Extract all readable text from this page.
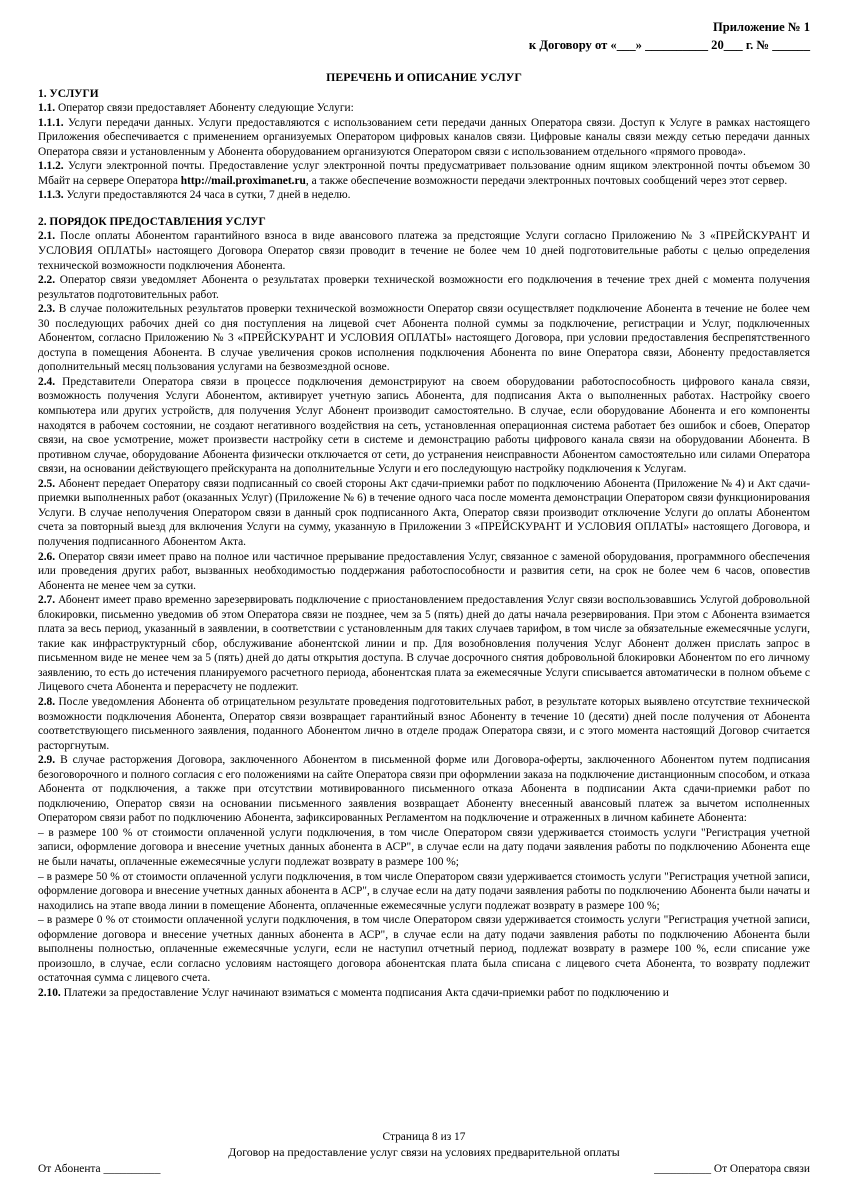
Приложение № 1
к Договору от «___» __________ 20___ г. № ______

ПЕРЕЧЕНЬ И ОПИСАНИЕ УСЛУГ

1. УСЛУГИ

1.1. Оператор связи предоставляет Абоненту следующие Услуги:

1.1.1. Услуги передачи данных. Услуги предоставляются с использованием сети передачи данных Оператора связи. Доступ к Услуге в рамках настоящего Приложения обеспечивается с применением организуемых Оператором цифровых каналов связи. Цифровые каналы связи между сетью передачи данных Оператора связи и установленным у Абонента оборудованием организуются Оператором связи с использованием отдельного «прямого провода».

1.1.2. Услуги электронной почты. Предоставление услуг электронной почты предусматривает пользование одним ящиком электронной почты объемом 30 Мбайт на сервере Оператора http://mail.proximanet.ru, а также обеспечение возможности передачи электронных почтовых сообщений через этот сервер.

1.1.3. Услуги предоставляются 24 часа в сутки, 7 дней в неделю.

2. ПОРЯДОК ПРЕДОСТАВЛЕНИЯ УСЛУГ

2.1. После оплаты Абонентом гарантийного взноса в виде авансового платежа за предстоящие Услуги согласно Приложению № 3 «ПРЕЙСКУРАНТ И УСЛОВИЯ ОПЛАТЫ» настоящего Договора Оператор связи проводит в течение не более чем 10 дней подготовительные работы с целью определения технической возможности подключения Абонента.

2.2. Оператор связи уведомляет Абонента о результатах проверки технической возможности его подключения в течение трех дней с момента получения результатов подготовительных работ.

2.3. В случае положительных результатов проверки технической возможности Оператор связи осуществляет подключение Абонента в течение не более чем 30 последующих рабочих дней со дня поступления на лицевой счет Абонента полной суммы за подключение, регистрации и Услуг, подключенных Абонентом, согласно Приложению № 3 «ПРЕЙСКУРАНТ И УСЛОВИЯ ОПЛАТЫ» настоящего Договора, при условии предоставления беспрепятственного доступа в помещения Абонента. В случае увеличения сроков исполнения подключения Абонента по вине Оператора связи, Абоненту предоставляется дополнительный месяц пользования услугами на безвозмездной основе.

2.4. Представители Оператора связи в процессе подключения демонстрируют на своем оборудовании работоспособность цифрового канала связи, возможность получения Услуги Абонентом, активирует учетную запись Абонента, для подписания Акта о выполненных работах. Настройку своего компьютера или других устройств, для получения Услуг Абонент производит самостоятельно. В случае, если оборудование Абонента и его компоненты находятся в рабочем состоянии, не создают негативного воздействия на сеть, установленная операционная система работает без ошибок и сбоев, Оператор связи, на свое усмотрение, может произвести настройку сети в системе и демонстрацию работы цифрового канала связи на оборудовании Абонента. В противном случае, оборудование Абонента физически отключается от сети, до устранения неисправности Абонентом самостоятельно или силами Оператора связи, на основании действующего прейскуранта на дополнительные Услуги и его последующую настройку подключения к Услугам.

2.5. Абонент передает Оператору связи подписанный со своей стороны Акт сдачи-приемки работ по подключению Абонента (Приложение № 4) и Акт сдачи-приемки выполненных работ (оказанных Услуг) (Приложение № 6) в течение одного часа после момента демонстрации Оператором связи функционирования Услуги. В случае неполучения Оператором связи в данный срок подписанного Акта, Оператор связи производит отключение Услуги до оплаты Абонентом счета за повторный выезд для включения Услуги на сумму, указанную в Приложении 3 «ПРЕЙСКУРАНТ И УСЛОВИЯ ОПЛАТЫ» настоящего Договора, и получения подписанного Абонентом Акта.

2.6. Оператор связи имеет право на полное или частичное прерывание предоставления Услуг, связанное с заменой оборудования, программного обеспечения или проведения других работ, вызванных необходимостью поддержания работоспособности и развития сети, на срок не более чем 6 часов, оповестив Абонента не менее чем за сутки.

2.7. Абонент имеет право временно зарезервировать подключение с приостановлением предоставления Услуг связи воспользовавшись Услугой добровольной блокировки, письменно уведомив об этом Оператора связи не позднее, чем за 5 (пять) дней до даты начала резервирования. При этом с Абонента взимается плата за весь период, указанный в заявлении, в соответствии с установленным для таких случаев тарифом, в том числе за обязательные ежемесячные услуги, такие как инфраструктурный сбор, обслуживание абонентской линии и пр. Для возобновления получения Услуг Абонент должен прислать запрос в письменном виде не менее чем за 5 (пять) дней до даты открытия доступа. В случае досрочного снятия добровольной блокировки Абонентом по его личному заявлению, то есть до истечения планируемого расчетного периода, абонентская плата за ежемесячные Услуги списывается автоматически в полном объеме с Лицевого счета Абонента и перерасчету не подлежит.

2.8. После уведомления Абонента об отрицательном результате проведения подготовительных работ, в результате которых выявлено отсутствие технической возможности подключения Абонента, Оператор связи возвращает гарантийный взнос Абоненту в течение 10 (десяти) дней после получения от Абонента соответствующего письменного заявления, поданного Абонентом лично в отделе продаж Оператора связи, и с этого момента настоящий Договор считается расторгнутым.

2.9. В случае расторжения Договора, заключенного Абонентом в письменной форме или Договора-оферты, заключенного Абонентом путем подписания безоговорочного и полного согласия с его положениями на сайте Оператора связи при оформлении заказа на подключение дистанционным способом, и отказа Абонента от подключения, а также при отсутствии мотивированного письменного отказа Абонента в подписании Акта сдачи-приемки работ по подключению, Оператор связи на основании письменного заявления возвращает Абоненту внесенный авансовый платеж за вычетом исполненных Оператором связи работ по подключению Абонента, зафиксированных Регламентом на подключение и отраженных в личном кабинете Абонента:

– в размере 100 % от стоимости оплаченной услуги подключения, в том числе Оператором связи удерживается стоимость услуги "Регистрация учетной записи, оформление договора и внесение учетных данных абонента в АСР", в случае если на дату подачи заявления работы по подключению Абонента еще не были начаты, оплаченные ежемесячные услуги подлежат возврату в размере 100 %;

– в размере 50 % от стоимости оплаченной услуги подключения, в том числе Оператором связи удерживается стоимость услуги "Регистрация учетной записи, оформление договора и внесение учетных данных абонента в АСР", в случае если на дату подачи заявления работы по подключению Абонента были начаты и находились на этапе ввода линии в помещение Абонента, оплаченные ежемесячные услуги подлежат возврату в размере 100 %;

– в размере 0 % от стоимости оплаченной услуги подключения, в том числе Оператором связи удерживается стоимость услуги "Регистрация учетной записи, оформление договора и внесение учетных данных абонента в АСР", в случае если на дату подачи заявления работы по подключению Абонента были выполнены полностью, оплаченные ежемесячные услуги, если не наступил отчетный период, подлежат возврату в размере 100 %, если списание уже произошло, в случае, если согласно условиям настоящего договора абонентская плата была списана с лицевого счета Абонента, то возврату подлежит остаточная сумма с лицевого счета.

2.10. Платежи за предоставление Услуг начинают взиматься с момента подписания Акта сдачи-приемки работ по подключению и

Страница 8 из 17
Договор на предоставление услуг связи на условиях предварительной оплаты
От Абонента __________	__________ От Оператора связи
